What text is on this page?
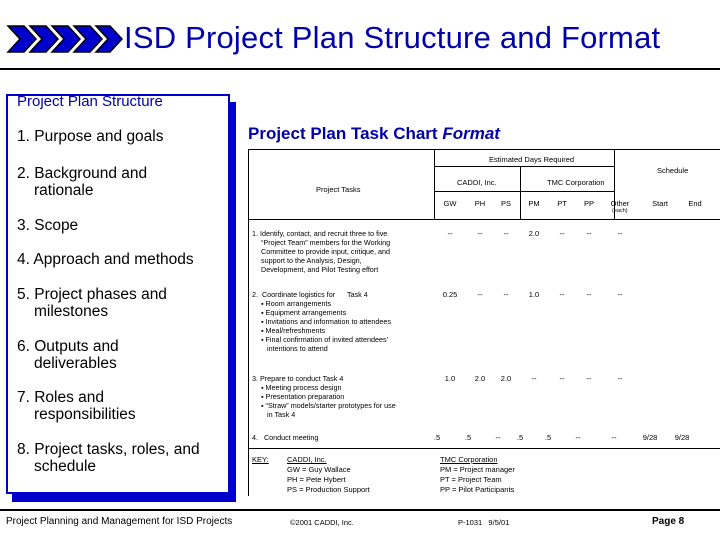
ISD Project Plan Structure and Format
Project Plan Structure
1. Purpose and goals
2. Background and
rationale
3. Scope
4. Approach and methods
5. Project phases and
milestones
6. Outputs and
deliverables
7. Roles and
responsibilities
8. Project tasks, roles, and
schedule
Project Plan Task Chart Format
Estimated Days Required
Schedule
Project Tasks
CADDI, Inc.	TMC Corporation
GW	PH	PS	PM	PT	PP	Other
(each)
Start	End
1. Identify, contact, and recruit three to five
“Project Team” members for the Working
Committee to provide input, critique, and
support to the Analysis, Design,
Development, and Pilot Testing effort
--	--	--	2.0	--	--	--
2.  Coordinate logistics for      Task 4
▪ Room arrangements
▪ Equipment arrangements
▪ Invitations and information to attendees
▪ Meal/refreshments
▪ Final confirmation of invited attendees’
intentions to attend
0.25	--	--	1.0	--	--	--
3. Prepare to conduct Task 4
▪ Meeting process design
▪ Presentation preparation
▪ “Straw” models/starter prototypes for use
in Task 4
1.0	2.0	2.0	--	--	--	--
4.   Conduct meeting	.5	.5	--	.5	.5	--	--	9/28	9/28
KEY: CADDI, Inc.
GW = Guy Wallace
PH = Pete Hybert
PS = Production Support
TMC Corporation
PM = Project manager
PT = Project Team
PP = Pilot Participants
Project Planning and Management for ISD Projects	©2001 CADDI, Inc.	P-1031   9/5/01	Page 8
